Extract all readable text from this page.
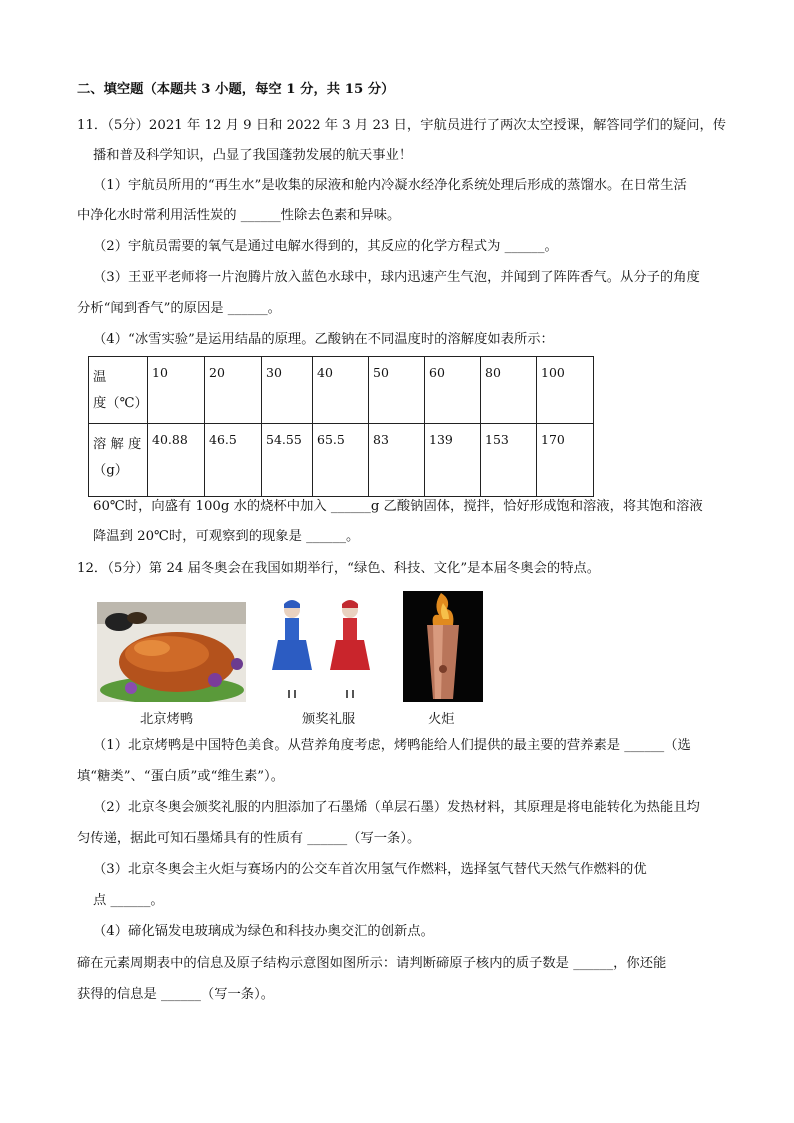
二、填空题（本题共 3 小题，每空 1 分，共 15 分）
11．（5分）2021 年 12 月 9 日和 2022 年 3 月 23 日，宇航员进行了两次太空授课，解答同学们的疑问，传
播和普及科学知识，凸显了我国蓬勃发展的航天事业！
（1）宇航员所用的“再生水”是收集的尿液和舱内冷凝水经净化系统处理后形成的蒸馏水。在日常生活
中净化水时常利用活性炭的 ______性除去色素和异味。
（2）宇航员需要的氧气是通过电解水得到的，其反应的化学方程式为 ______。
（3）王亚平老师将一片泡腾片放入蓝色水球中，球内迅速产生气泡，并闻到了阵阵香气。从分子的角度
分析“闻到香气”的原因是 ______。
（4）“冰雪实验”是运用结晶的原理。乙酸钠在不同温度时的溶解度如表所示：
温　　度（℃）	10	20	30	40	50	60	80	100
溶 解 度（g）	40.88	46.5	54.55	65.5	83	139	153	170
60℃时，向盛有 100g 水的烧杯中加入 ______g 乙酸钠固体，搅拌，恰好形成饱和溶液，将其饱和溶液
降温到 20℃时，可观察到的现象是 ______。
12．（5分）第 24 届冬奥会在我国如期举行，“绿色、科技、文化”是本届冬奥会的特点。
北京烤鸭	颁奖礼服	火炬
（1）北京烤鸭是中国特色美食。从营养角度考虑，烤鸭能给人们提供的最主要的营养素是 ______（选
填“糖类”、“蛋白质”或“维生素”）。
（2）北京冬奥会颁奖礼服的内胆添加了石墨烯（单层石墨）发热材料，其原理是将电能转化为热能且均
匀传递，据此可知石墨烯具有的性质有 ______（写一条）。
（3）北京冬奥会主火炬与赛场内的公交车首次用氢气作燃料，选择氢气替代天然气作燃料的优
点 ______。
（4）碲化镉发电玻璃成为绿色和科技办奥交汇的创新点。
碲在元素周期表中的信息及原子结构示意图如图所示：请判断碲原子核内的质子数是 ______，你还能
获得的信息是 ______（写一条）。
